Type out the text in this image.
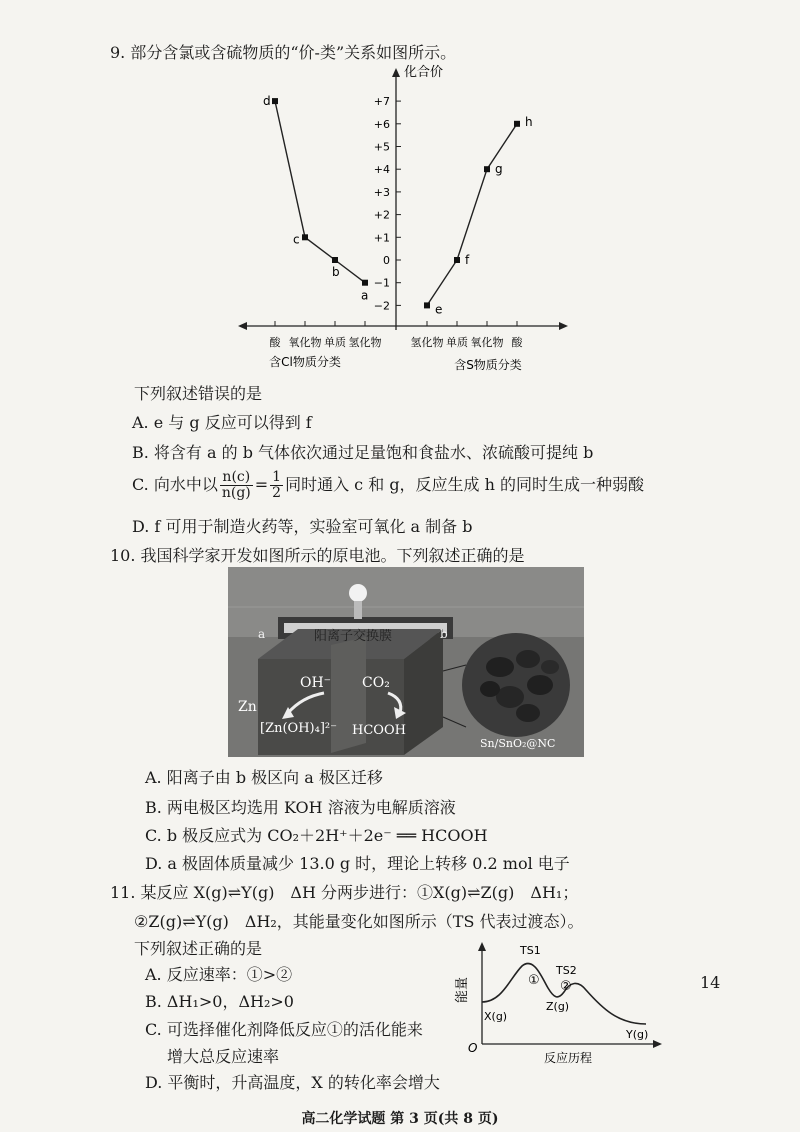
9. 部分含氯或含硫物质的“价-类”关系如图所示。
化合价
+7
+6
+5
+4
+3
+2
+1
0
−1
−2
酸 氧化物 单质 氢化物	氢化物 单质 氧化物 酸
d
c
b
a
e
f
g
h
含Cl物质分类	含S物质分类
下列叙述错误的是
A. e 与 g 反应可以得到 f
B. 将含有 a 的 b 气体依次通过足量饱和食盐水、浓硫酸可提纯 b
C. 向水中以 $\frac{n(c)}{n(g)} = \frac{1}{2}$ 同时通入 c 和 g，反应生成 h 的同时生成一种弱酸
D. f 可用于制造火药等，实验室可氧化 a 制备 b
10. 我国科学家开发如图所示的原电池。下列叙述正确的是
a	b
阳离子交换膜
OH⁻ CO₂
Zn
[Zn(OH)₄]²⁻ HCOOH
Sn/SnO₂@NC
A. 阳离子由 b 极区向 a 极区迁移
B. 两电极区均选用 KOH 溶液为电解质溶液
C. b 极反应式为 CO₂＋2H⁺＋2e⁻ ══ HCOOH
D. a 极固体质量减少 13.0 g 时，理论上转移 0.2 mol 电子
11. 某反应 X(g)⇌Y(g)　ΔH 分两步进行：①X(g)⇌Z(g)　ΔH₁；
②Z(g)⇌Y(g)　ΔH₂，其能量变化如图所示（TS 代表过渡态）。
下列叙述正确的是
A. 反应速率：①>②
B. ΔH₁>0，ΔH₂>0
C. 可选择催化剂降低反应①的活化能来
增大总反应速率
D. 平衡时，升高温度，X 的转化率会增大
能量
反应历程
O
TS1
TS2
① ②
X(g)
Z(g)
Y(g)
14
高二化学试题 第 3 页(共 8 页)
